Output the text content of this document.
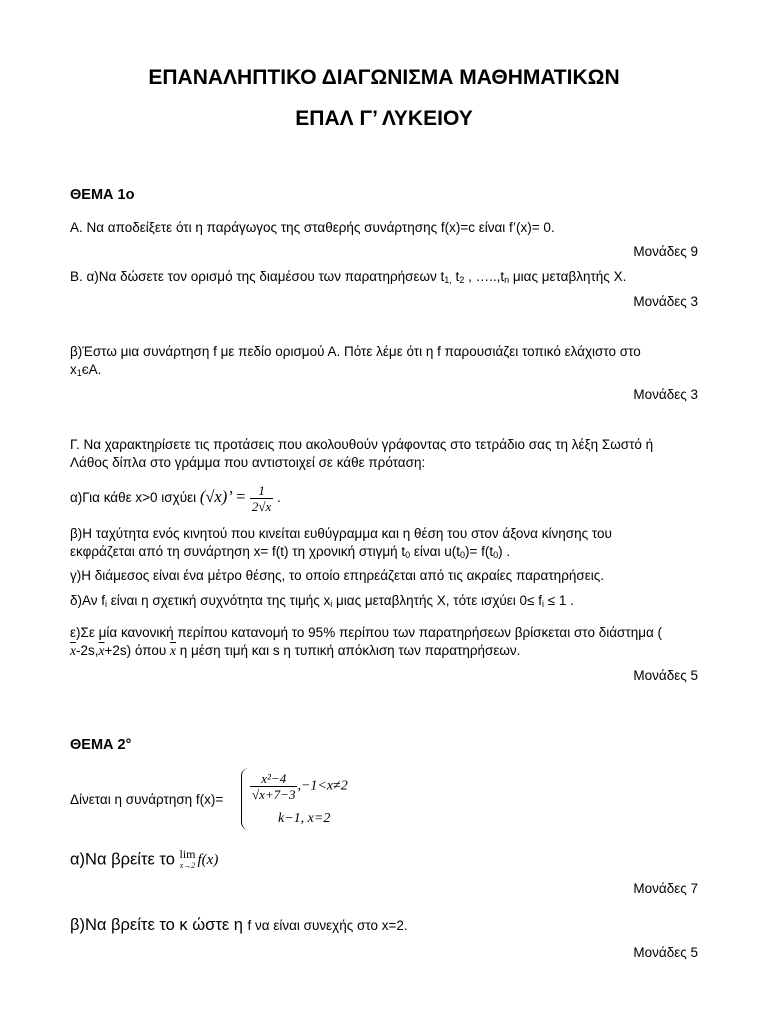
ΕΠΑΝΑΛΗΠΤΙΚΟ ΔΙΑΓΩΝΙΣΜΑ ΜΑΘΗΜΑΤΙΚΩΝ
ΕΠΑΛ Γ’ ΛΥΚΕΙΟΥ
ΘΕΜΑ 1ο
Α. Να αποδείξετε ότι η παράγωγος της σταθερής συνάρτησης f(x)=c είναι f’(x)= 0.
Μονάδες 9
Β. α)Να δώσετε τον ορισμό της διαμέσου των παρατηρήσεων $t_{1,}$ $t_2$ , $\dots..,t_n$ μιας μεταβλητής Χ.
Μονάδες 3
β)Έστω μια συνάρτηση f με πεδίο ορισμού Α. Πότε λέμε ότι η f παρουσιάζει τοπικό ελάχιστο στο
$x_1єA$.
Μονάδες 3
Γ. Να χαρακτηρίσετε τις προτάσεις που ακολουθούν γράφοντας στο τετράδιο σας τη λέξη Σωστό ή
Λάθος δίπλα στο γράμμα που αντιστοιχεί σε κάθε πρόταση:
α)Για κάθε x>0 ισχύει (√x)’ = $\frac{1}{2√x}$ .
β)Η ταχύτητα ενός κινητού που κινείται ευθύγραμμα και η θέση του στον άξονα κίνησης του
εκφράζεται από τη συνάρτηση x= f(t) τη χρονική στιγμή $t_0$ είναι $u(t_0)= f(t_0)$ .
γ)Η διάμεσος είναι ένα μέτρο θέσης, το οποίο επηρεάζεται από τις ακραίες παρατηρήσεις.
δ)Αν $f_i$ είναι η σχετική συχνότητα της τιμής $x_i$ μιας μεταβλητής Χ, τότε ισχύει $0\le f_i \le 1$ .
ε)Σε μία κανονική περίπου κατανομή το 95% περίπου των παρατηρήσεων βρίσκεται στο διάστημα (
$\overline{x}-2s,\overline{x}+2s$) όπου $\overline{x}$ η μέση τιμή και s η τυπική απόκλιση των παρατηρήσεων.
Μονάδες 5
ΘΕΜΑ 2°
Δίνεται η συνάρτηση $f(x)= \frac{\text{x²−4}}{√x+7-3} ,-1<x\ne 2$
k−1, x=2
α)Να βρείτε το lim
x→2 f(x)
Μονάδες 7
β)Να βρείτε το κ ώστε η f να είναι συνεχής στο x=2.
Μονάδες 5
